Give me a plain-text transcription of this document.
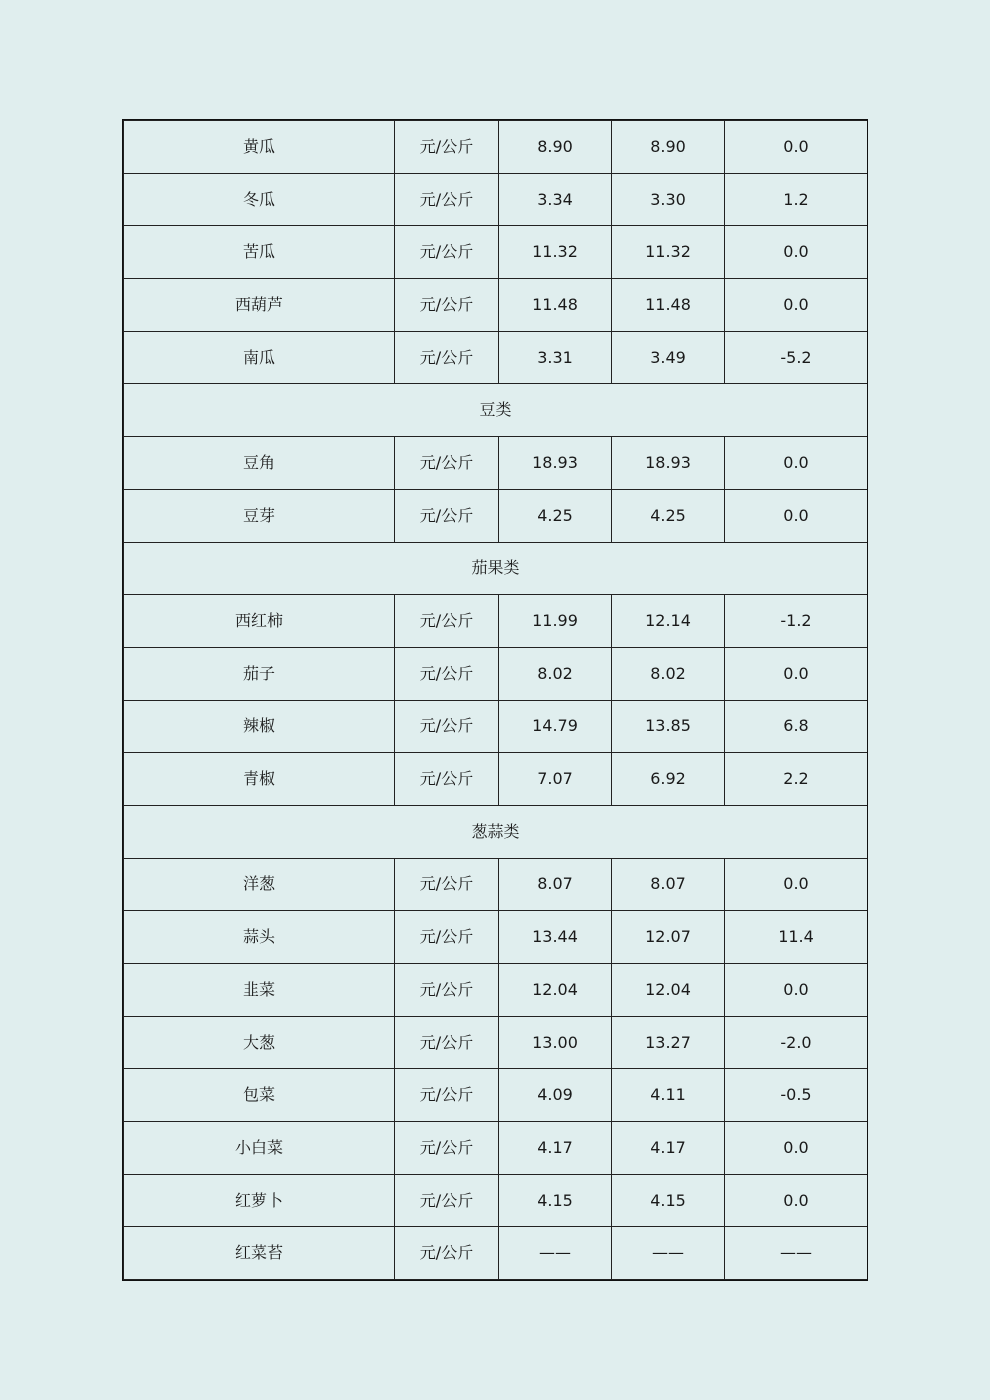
黄瓜	元/公斤	8.90	8.90	0.0
冬瓜	元/公斤	3.34	3.30	1.2
苦瓜	元/公斤	11.32	11.32	0.0
西葫芦	元/公斤	11.48	11.48	0.0
南瓜	元/公斤	3.31	3.49	-5.2
豆类				
豆角	元/公斤	18.93	18.93	0.0
豆芽	元/公斤	4.25	4.25	0.0
茄果类				
西红柿	元/公斤	11.99	12.14	-1.2
茄子	元/公斤	8.02	8.02	0.0
辣椒	元/公斤	14.79	13.85	6.8
青椒	元/公斤	7.07	6.92	2.2
葱蒜类				
洋葱	元/公斤	8.07	8.07	0.0
蒜头	元/公斤	13.44	12.07	11.4
韭菜	元/公斤	12.04	12.04	0.0
大葱	元/公斤	13.00	13.27	-2.0
包菜	元/公斤	4.09	4.11	-0.5
小白菜	元/公斤	4.17	4.17	0.0
红萝卜	元/公斤	4.15	4.15	0.0
红菜苔	元/公斤	——	——	——
